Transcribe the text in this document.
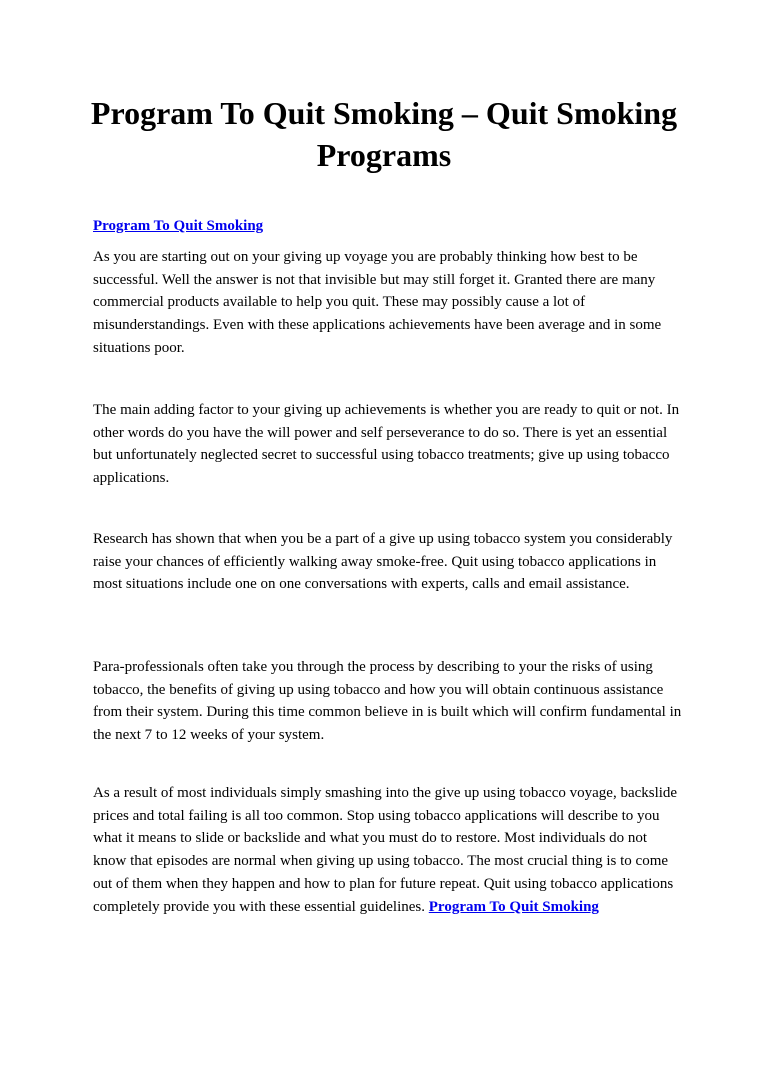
Program To Quit Smoking – Quit Smoking Programs

Program To Quit Smoking

As you are starting out on your giving up voyage you are probably thinking how best to be successful. Well the answer is not that invisible but may still forget it. Granted there are many commercial products available to help you quit. These may possibly cause a lot of misunderstandings. Even with these applications achievements have been average and in some situations poor.

The main adding factor to your giving up achievements is whether you are ready to quit or not. In other words do you have the will power and self perseverance to do so. There is yet an essential but unfortunately neglected secret to successful using tobacco treatments; give up using tobacco applications.

Research has shown that when you be a part of a give up using tobacco system you considerably raise your chances of efficiently walking away smoke-free. Quit using tobacco applications in most situations include one on one conversations with experts, calls and email assistance.

Para-professionals often take you through the process by describing to your the risks of using tobacco, the benefits of giving up using tobacco and how you will obtain continuous assistance from their system. During this time common believe in is built which will confirm fundamental in the next 7 to 12 weeks of your system.

As a result of most individuals simply smashing into the give up using tobacco voyage, backslide prices and total failing is all too common. Stop using tobacco applications will describe to you what it means to slide or backslide and what you must do to restore. Most individuals do not know that episodes are normal when giving up using tobacco. The most crucial thing is to come out of them when they happen and how to plan for future repeat. Quit using tobacco applications completely provide you with these essential guidelines. Program To Quit Smoking
